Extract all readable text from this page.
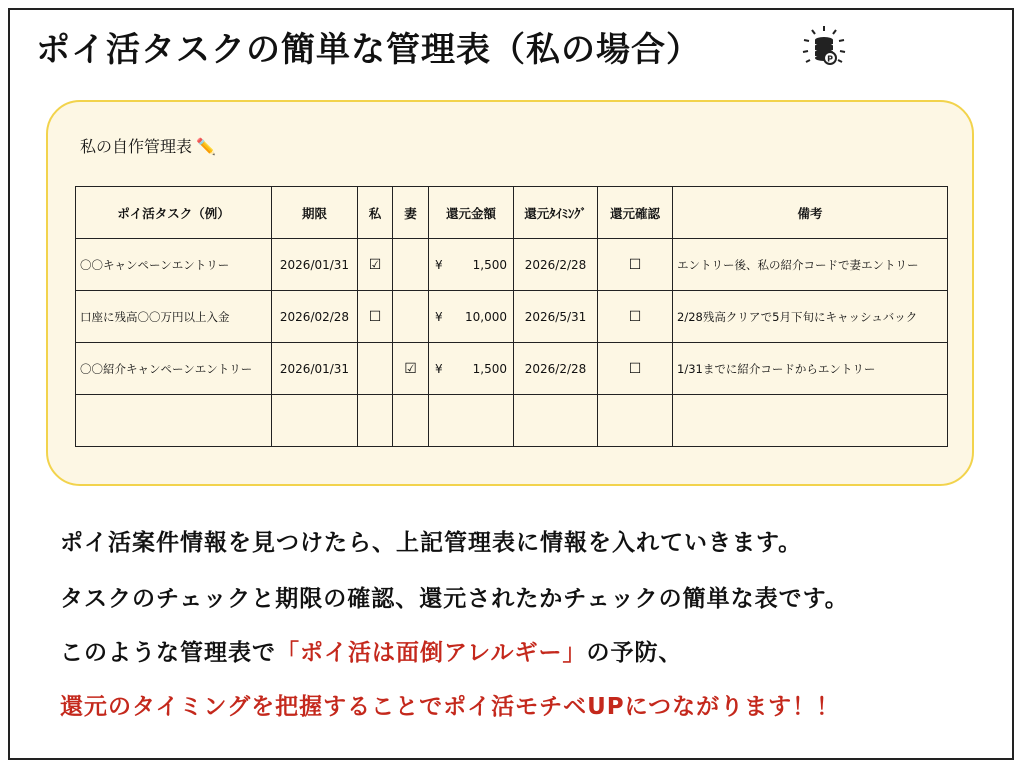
ポイ活タスクの簡単な管理表（私の場合）	P
私の自作管理表 ✏️
ポイ活タスク（例）	期限	私	妻	還元金額	還元ﾀｲﾐﾝｸﾞ	還元確認	備考
〇〇キャンペーンエントリー	2026/01/31	☑		¥ 1,500	2026/2/28	☐	エントリー後、私の紹介コードで妻エントリー
口座に残高〇〇万円以上入金	2026/02/28	☐		¥ 10,000	2026/5/31	☐	2/28残高クリアで5月下旬にキャッシュバック
〇〇紹介キャンペーンエントリー	2026/01/31		☑	¥ 1,500	2026/2/28	☐	1/31までに紹介コードからエントリー

ポイ活案件情報を見つけたら、上記管理表に情報を入れていきます。
タスクのチェックと期限の確認、還元されたかチェックの簡単な表です。
このような管理表で「ポイ活は面倒アレルギー」の予防、
還元のタイミングを把握することでポイ活モチベUPにつながります！！
